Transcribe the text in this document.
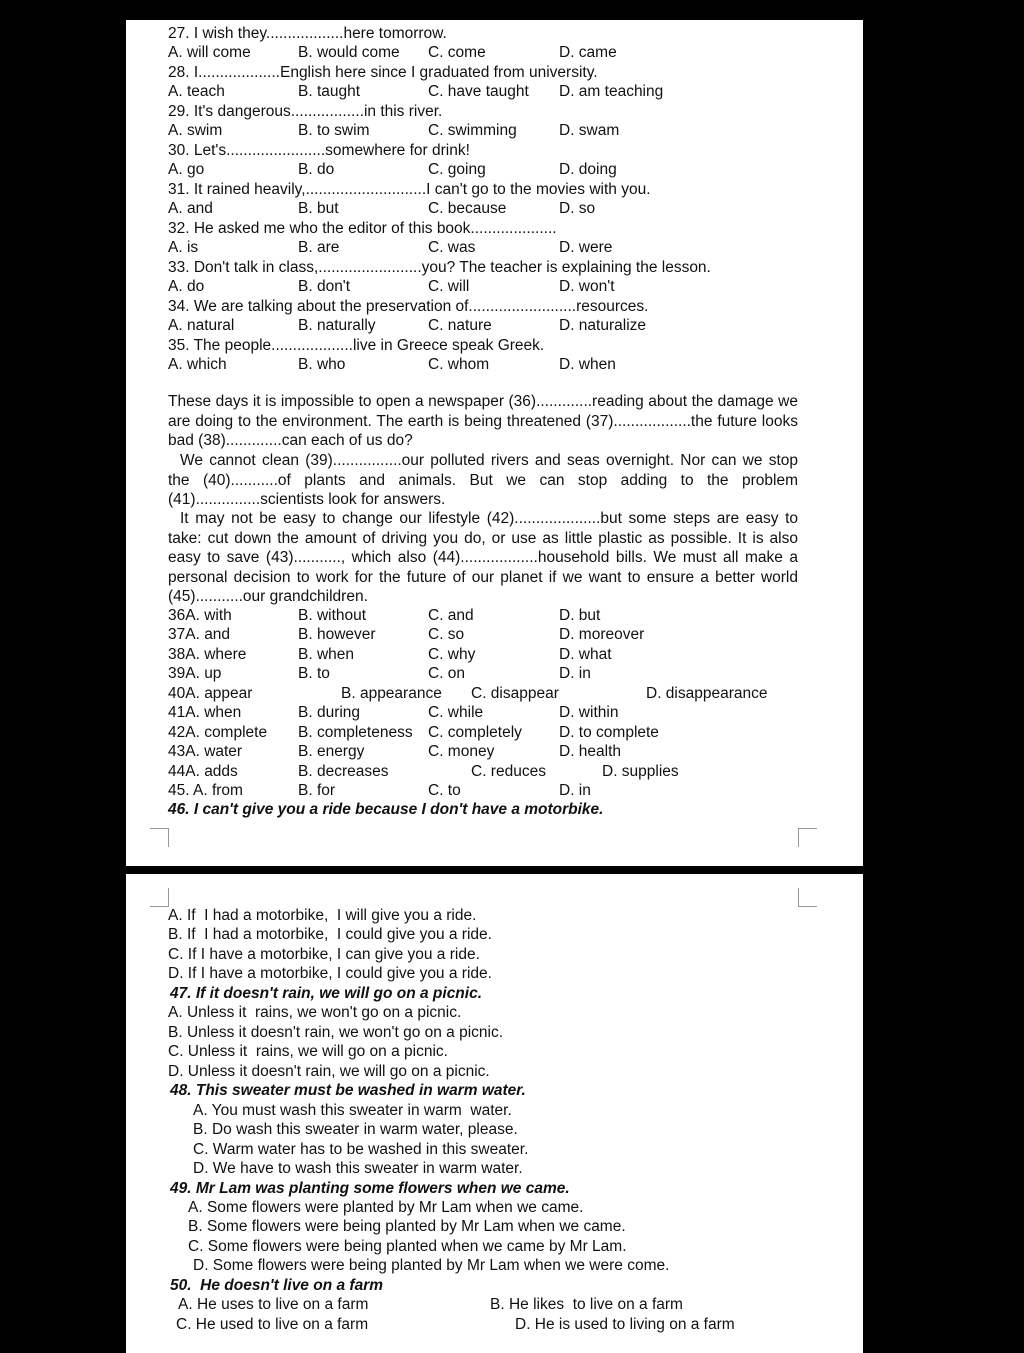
27. I wish they..................here tomorrow.
A. will come	B. would come C. come	D. came
28. I...................English here since I graduated from university.
A. teach	B. taught	C. have taught D. am teaching
29. It's dangerous.................in this river.
A. swim	B. to swim	C. swimming	D. swam
30. Let's.......................somewhere for drink!
A. go	B. do	C. going	D. doing
31. It rained heavily,............................I can't go to the movies with you.
A. and	B. but	C. because	D. so
32. He asked me who the editor of this book....................
A. is	B. are	C. was	D. were
33. Don't talk in class,........................you? The teacher is explaining the lesson.
A. do	B. don't	C. will	D. won't
34. We are talking about the preservation of.........................resources.
A. natural	B. naturally	C. nature	D. naturalize
35. The people...................live in Greece speak Greek.
A. which	B. who	C. whom	D. when
These days it is impossible to open a newspaper (36).............reading about the damage we are doing to the environment. The earth is being threatened (37)..................the future looks bad (38).............can each of us do?
We cannot clean (39)................our polluted rivers and seas overnight. Nor can we stop the (40)...........of plants and animals. But we can stop adding to the problem (41)...............scientists look for answers.
It may not be easy to change our lifestyle (42)....................but some steps are easy to take: cut down the amount of driving you do, or use as little plastic as possible. It is also easy to save (43)..........., which also (44)..................household bills. We must all make a personal decision to work for the future of our planet if we want to ensure a better world (45)...........our grandchildren.
36A. with	B. without	C. and	D. but
37A. and	B. however	C. so	D. moreover
38A. where	B. when	C. why	D. what
39A. up	B. to	C. on	D. in
40A. appear	B. appearance C. disappear	D. disappearance
41A. when	B. during	C. while	D. within
42A. complete B. completeness C. completely D. to complete
43A. water	B. energy	C. money	D. health
44A. adds	B. decreases	C. reduces	D. supplies
45. A. from	B. for	C. to	D. in
46. I can't give you a ride because I don't have a motorbike.
A. If  I had a motorbike,  I will give you a ride.
B. If  I had a motorbike,  I could give you a ride.
C. If I have a motorbike, I can give you a ride.
D. If I have a motorbike, I could give you a ride.
47. If it doesn't rain, we will go on a picnic.
A. Unless it  rains, we won't go on a picnic.
B. Unless it doesn't rain, we won't go on a picnic.
C. Unless it  rains, we will go on a picnic.
D. Unless it doesn't rain, we will go on a picnic.
48. This sweater must be washed in warm water.
A. You must wash this sweater in warm  water.
B. Do wash this sweater in warm water, please.
C. Warm water has to be washed in this sweater.
D. We have to wash this sweater in warm water.
49. Mr Lam was planting some flowers when we came.
A. Some flowers were planted by Mr Lam when we came.
B. Some flowers were being planted by Mr Lam when we came.
C. Some flowers were being planted when we came by Mr Lam.
D. Some flowers were being planted by Mr Lam when we were come.
50.  He doesn't live on a farm
A. He uses to live on a farm	B. He likes  to live on a farm
C. He used to live on a farm	D. He is used to living on a farm
